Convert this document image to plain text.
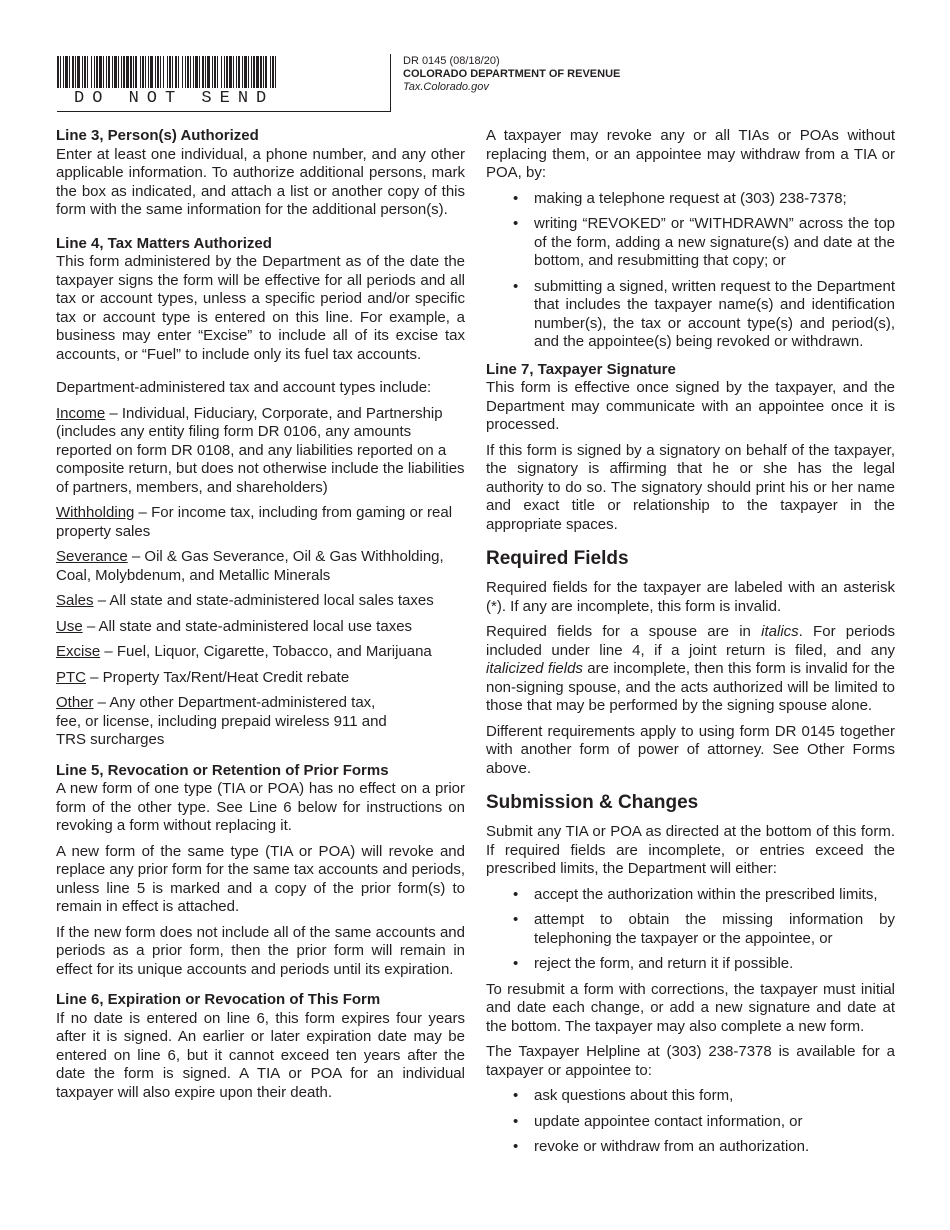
DO NOT SEND
DR 0145 (08/18/20)
COLORADO DEPARTMENT OF REVENUE
Tax.Colorado.gov

Line 3, Person(s) Authorized

Enter at least one individual, a phone number, and any other applicable information. To authorize additional persons, mark the box as indicated, and attach a list or another copy of this form with the same information for the additional person(s).

Line 4, Tax Matters Authorized

This form administered by the Department as of the date the taxpayer signs the form will be effective for all periods and all tax or account types, unless a specific period and/or specific tax or account type is entered on this line. For example, a business may enter “Excise” to include all of its excise tax accounts, or “Fuel” to include only its fuel tax accounts.

Department-administered tax and account types include:

Income – Individual, Fiduciary, Corporate, and Partnership (includes any entity filing form DR 0106, any amounts reported on form DR 0108, and any liabilities reported on a composite return, but does not otherwise include the liabilities of partners, members, and shareholders)

Withholding – For income tax, including from gaming or real property sales

Severance – Oil & Gas Severance, Oil & Gas Withholding, Coal, Molybdenum, and Metallic Minerals

Sales – All state and state-administered local sales taxes

Use – All state and state-administered local use taxes

Excise – Fuel, Liquor, Cigarette, Tobacco, and Marijuana

PTC – Property Tax/Rent/Heat Credit rebate

Other – Any other Department-administered tax, fee, or license, including prepaid wireless 911 and TRS surcharges

Line 5, Revocation or Retention of Prior Forms

A new form of one type (TIA or POA) has no effect on a prior form of the other type. See Line 6 below for instructions on revoking a form without replacing it.

A new form of the same type (TIA or POA) will revoke and replace any prior form for the same tax accounts and periods, unless line 5 is marked and a copy of the prior form(s) to remain in effect is attached.

If the new form does not include all of the same accounts and periods as a prior form, then the prior form will remain in effect for its unique accounts and periods until its expiration.

Line 6, Expiration or Revocation of This Form

If no date is entered on line 6, this form expires four years after it is signed. An earlier or later expiration date may be entered on line 6, but it cannot exceed ten years after the date the form is signed. A TIA or POA for an individual taxpayer will also expire upon their death.

A taxpayer may revoke any or all TIAs or POAs without replacing them, or an appointee may withdraw from a TIA or POA, by:

• making a telephone request at (303) 238-7378;
• writing “REVOKED” or “WITHDRAWN” across the top of the form, adding a new signature(s) and date at the bottom, and resubmitting that copy; or
• submitting a signed, written request to the Department that includes the taxpayer name(s) and identification number(s), the tax or account type(s) and period(s), and the appointee(s) being revoked or withdrawn.

Line 7, Taxpayer Signature

This form is effective once signed by the taxpayer, and the Department may communicate with an appointee once it is processed.

If this form is signed by a signatory on behalf of the taxpayer, the signatory is affirming that he or she has the legal authority to do so. The signatory should print his or her name and exact title or relationship to the taxpayer in the appropriate spaces.

Required Fields

Required fields for the taxpayer are labeled with an asterisk (*). If any are incomplete, this form is invalid.

Required fields for a spouse are in italics. For periods included under line 4, if a joint return is filed, and any italicized fields are incomplete, then this form is invalid for the non-signing spouse, and the acts authorized will be limited to those that may be performed by the signing spouse alone.

Different requirements apply to using form DR 0145 together with another form of power of attorney. See Other Forms above.

Submission & Changes

Submit any TIA or POA as directed at the bottom of this form. If required fields are incomplete, or entries exceed the prescribed limits, the Department will either:

• accept the authorization within the prescribed limits,
• attempt to obtain the missing information by telephoning the taxpayer or the appointee, or
• reject the form, and return it if possible.

To resubmit a form with corrections, the taxpayer must initial and date each change, or add a new signature and date at the bottom. The taxpayer may also complete a new form.

The Taxpayer Helpline at (303) 238-7378 is available for a taxpayer or appointee to:

• ask questions about this form,
• update appointee contact information, or
• revoke or withdraw from an authorization.
